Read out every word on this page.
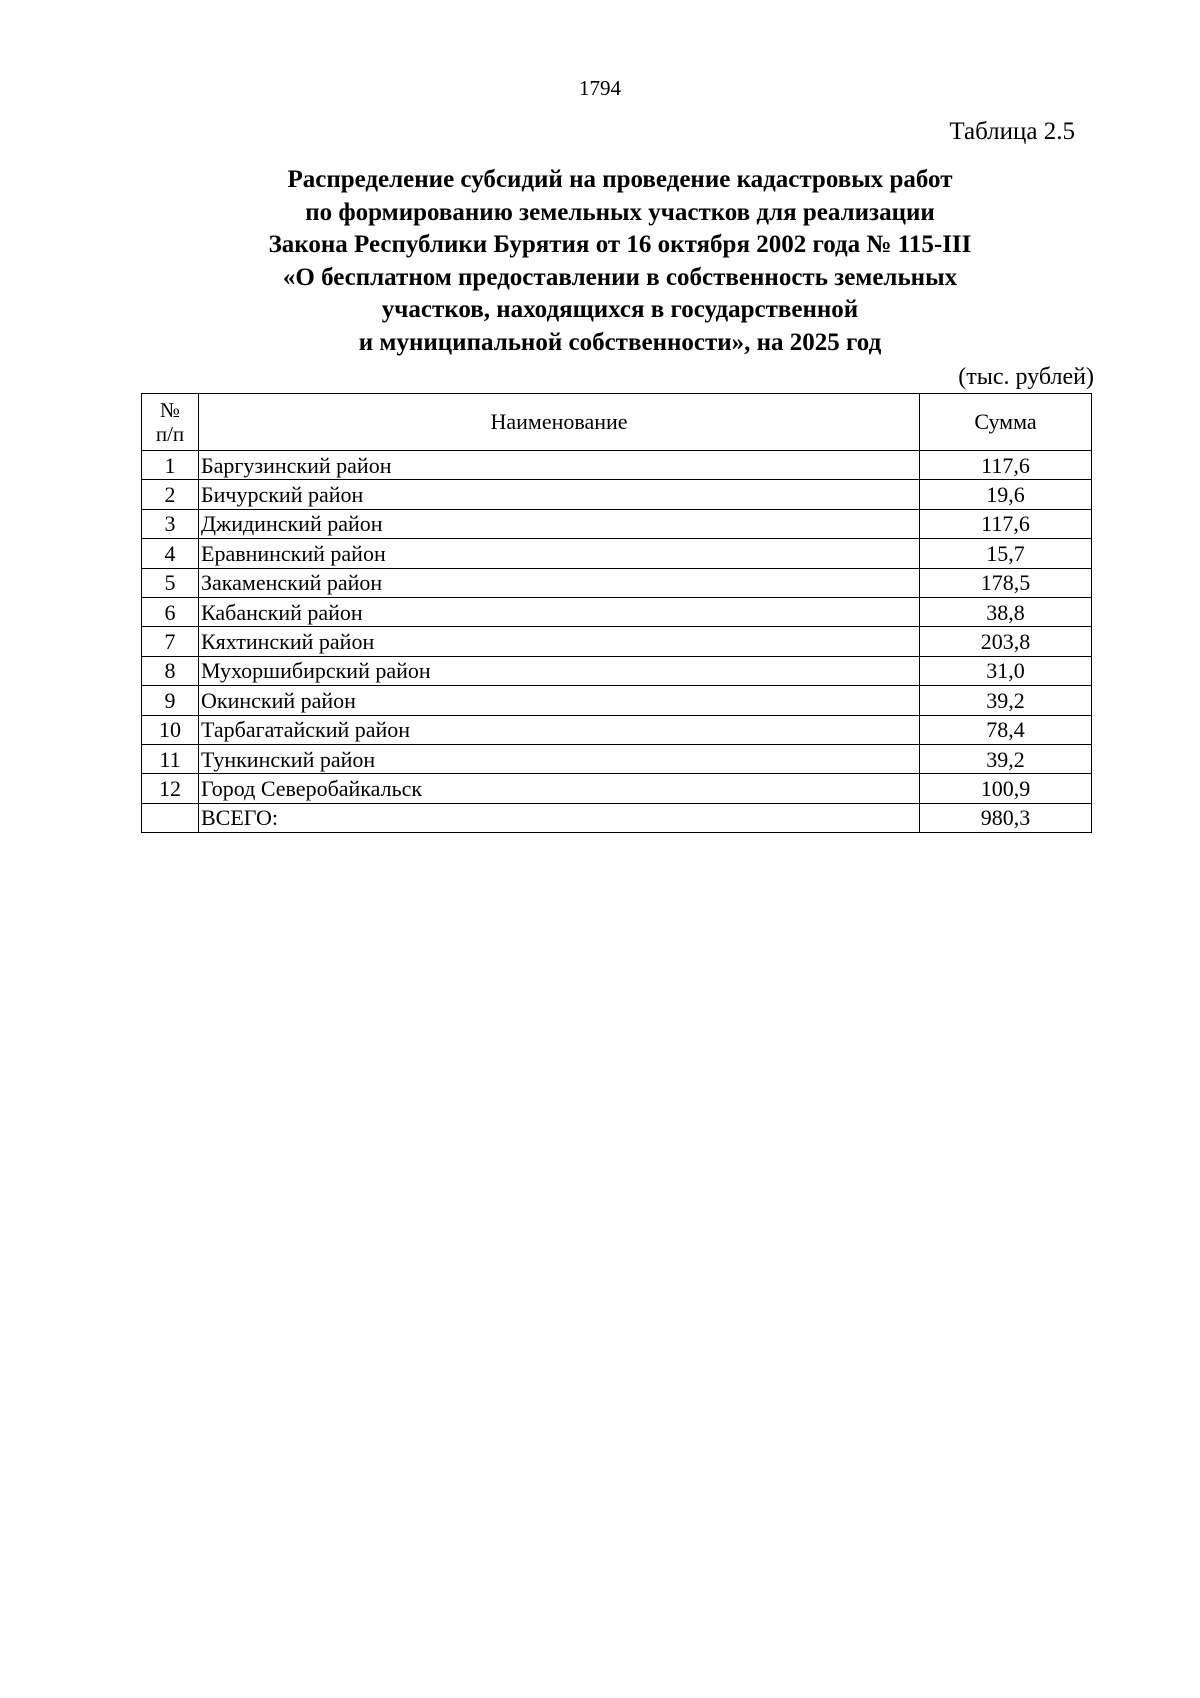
1794
Таблица 2.5
Распределение субсидий на проведение кадастровых работ
по формированию земельных участков для реализации
Закона Республики Бурятия от 16 октября 2002 года № 115-III
«О бесплатном предоставлении в собственность земельных
участков, находящихся в государственной
и муниципальной собственности», на 2025 год
(тыс. рублей)
№
п/п	Наименование	Сумма
1	Баргузинский район	117,6
2	Бичурский район	19,6
3	Джидинский район	117,6
4	Еравнинский район	15,7
5	Закаменский район	178,5
6	Кабанский район	38,8
7	Кяхтинский район	203,8
8	Мухоршибирский район	31,0
9	Окинский район	39,2
10	Тарбагатайский район	78,4
11	Тункинский район	39,2
12	Город Северобайкальск	100,9
	ВСЕГО:	980,3
